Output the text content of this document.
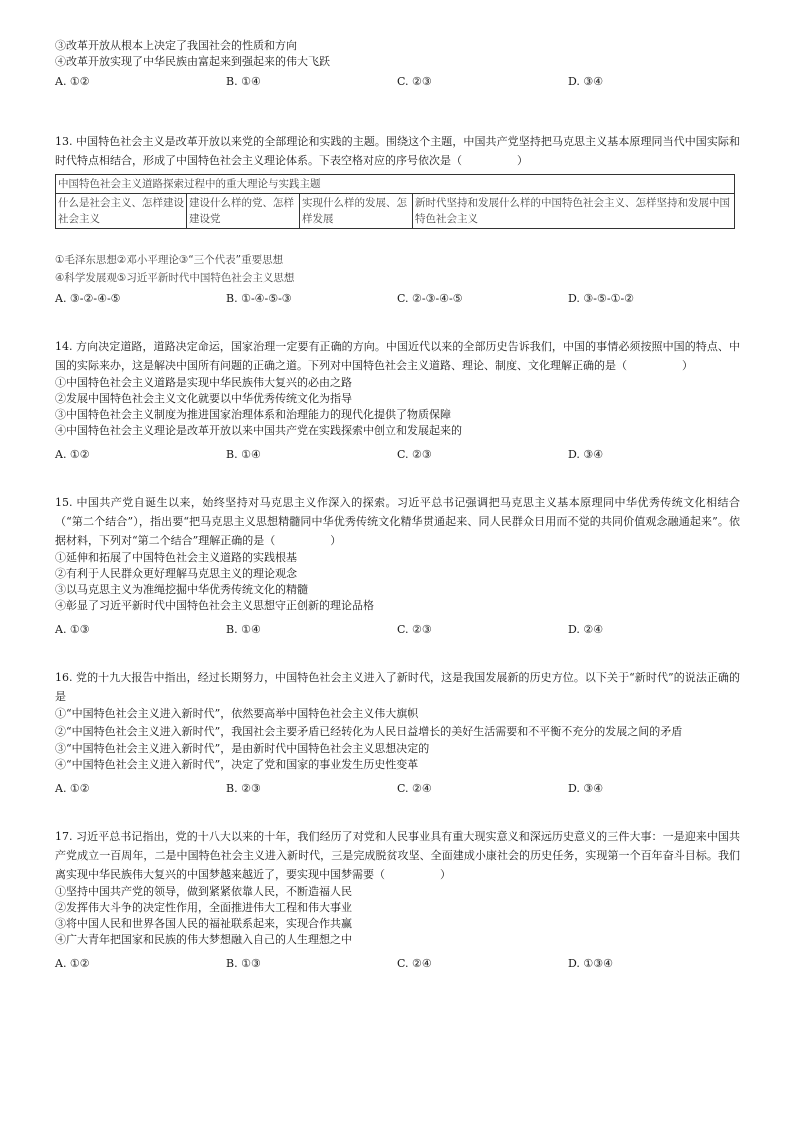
③改革开放从根本上决定了我国社会的性质和方向
④改革开放实现了中华民族由富起来到强起来的伟大飞跃
A. ①②	B. ①④	C. ②③	D. ③④
13. 中国特色社会主义是改革开放以来党的全部理论和实践的主题。围绕这个主题，中国共产党坚持把马克思主义基本原理同当代中国实际和时代特点相结合，形成了中国特色社会主义理论体系。下表空格对应的序号依次是（　　　　　）
中国特色社会主义道路探索过程中的重大理论与实践主题
什么是社会主义、怎样建设社会主义	建设什么样的党、怎样建设党	实现什么样的发展、怎样发展	新时代坚持和发展什么样的中国特色社会主义、怎样坚持和发展中国特色社会主义
①毛泽东思想②邓小平理论③“三个代表”重要思想
④科学发展观⑤习近平新时代中国特色社会主义思想
A. ③-②-④-⑤	B. ①-④-⑤-③	C. ②-③-④-⑤	D. ③-⑤-①-②
14. 方向决定道路，道路决定命运，国家治理一定要有正确的方向。中国近代以来的全部历史告诉我们，中国的事情必须按照中国的特点、中国的实际来办，这是解决中国所有问题的正确之道。下列对中国特色社会主义道路、理论、制度、文化理解正确的是（　　　　　）
①中国特色社会主义道路是实现中华民族伟大复兴的必由之路
②发展中国特色社会主义文化就要以中华优秀传统文化为指导
③中国特色社会主义制度为推进国家治理体系和治理能力的现代化提供了物质保障
④中国特色社会主义理论是改革开放以来中国共产党在实践探索中创立和发展起来的
A. ①②	B. ①④	C. ②③	D. ③④
15. 中国共产党自诞生以来，始终坚持对马克思主义作深入的探索。习近平总书记强调把马克思主义基本原理同中华优秀传统文化相结合（“第二个结合”），指出要“把马克思主义思想精髓同中华优秀传统文化精华贯通起来、同人民群众日用而不觉的共同价值观念融通起来”。依据材料，下列对“第二个结合”理解正确的是（　　　　　）
①延伸和拓展了中国特色社会主义道路的实践根基
②有利于人民群众更好理解马克思主义的理论观念
③以马克思主义为准绳挖掘中华优秀传统文化的精髓
④彰显了习近平新时代中国特色社会主义思想守正创新的理论品格
A. ①③	B. ①④	C. ②③	D. ②④
16. 党的十九大报告中指出，经过长期努力，中国特色社会主义进入了新时代，这是我国发展新的历史方位。以下关于“新时代”的说法正确的是
①“中国特色社会主义进入新时代”，依然要高举中国特色社会主义伟大旗帜
②“中国特色社会主义进入新时代”，我国社会主要矛盾已经转化为人民日益增长的美好生活需要和不平衡不充分的发展之间的矛盾
③“中国特色社会主义进入新时代”，是由新时代中国特色社会主义思想决定的
④“中国特色社会主义进入新时代”，决定了党和国家的事业发生历史性变革
A. ①②	B. ②③	C. ②④	D. ③④
17. 习近平总书记指出，党的十八大以来的十年，我们经历了对党和人民事业具有重大现实意义和深远历史意义的三件大事：一是迎来中国共产党成立一百周年，二是中国特色社会主义进入新时代，三是完成脱贫攻坚、全面建成小康社会的历史任务，实现第一个百年奋斗目标。我们离实现中华民族伟大复兴的中国梦越来越近了，要实现中国梦需要（　　　　　）
①坚持中国共产党的领导，做到紧紧依靠人民，不断造福人民
②发挥伟大斗争的决定性作用，全面推进伟大工程和伟大事业
③将中国人民和世界各国人民的福祉联系起来，实现合作共赢
④广大青年把国家和民族的伟大梦想融入自己的人生理想之中
A. ①②	B. ①③	C. ②④	D. ①③④
